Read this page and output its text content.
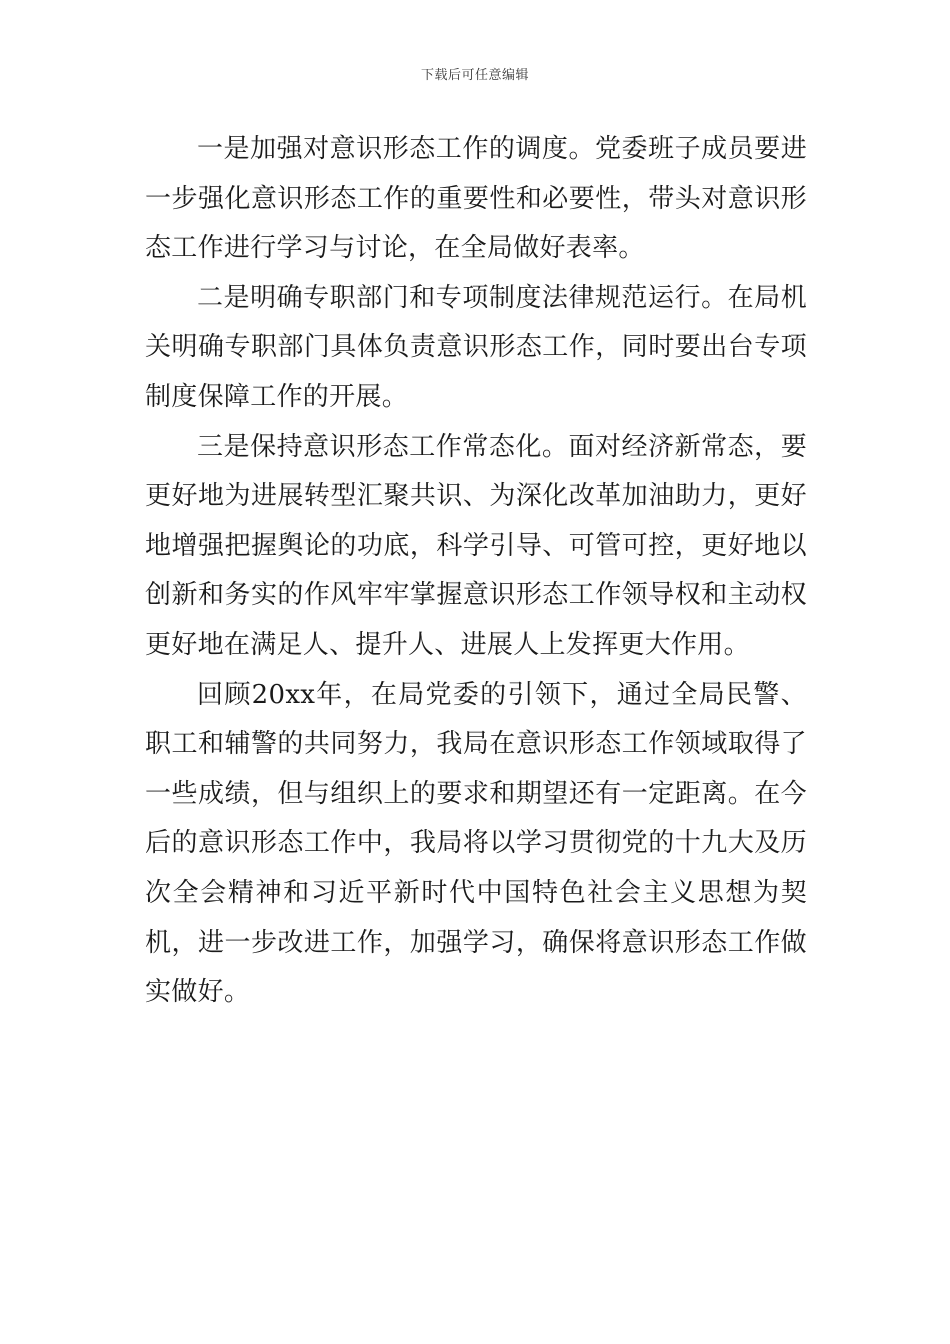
下载后可任意编辑

一是加强对意识形态工作的调度。党委班子成员要进一步强化意识形态工作的重要性和必要性，带头对意识形态工作进行学习与讨论，在全局做好表率。

二是明确专职部门和专项制度法律规范运行。在局机关明确专职部门具体负责意识形态工作，同时要出台专项制度保障工作的开展。

三是保持意识形态工作常态化。面对经济新常态，要更好地为进展转型汇聚共识、为深化改革加油助力，更好地增强把握舆论的功底，科学引导、可管可控，更好地以创新和务实的作风牢牢掌握意识形态工作领导权和主动权更好地在满足人、提升人、进展人上发挥更大作用。

回顾20xx年，在局党委的引领下，通过全局民警、职工和辅警的共同努力，我局在意识形态工作领域取得了一些成绩，但与组织上的要求和期望还有一定距离。在今后的意识形态工作中，我局将以学习贯彻党的十九大及历次全会精神和习近平新时代中国特色社会主义思想为契机，进一步改进工作，加强学习，确保将意识形态工作做实做好。
